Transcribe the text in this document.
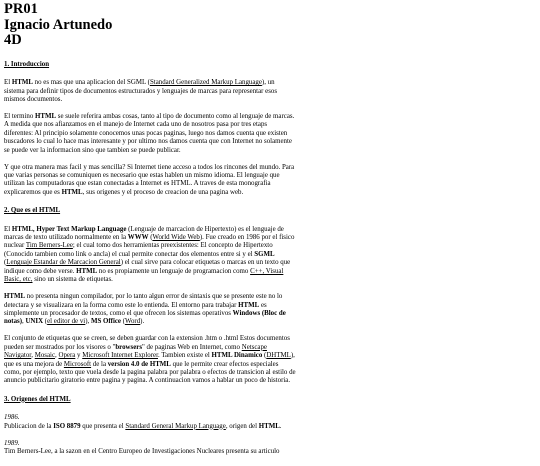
PR01
Ignacio Artunedo
4D
1. Introduccion

El HTML no es mas que una aplicacion del SGML (Standard Generalized Markup Language), un sistema para definir tipos de documentos estructurados y lenguajes de marcas para representar esos mismos documentos.

El termino HTML se suele referira ambas cosas, tanto al tipo de documento como al lenguaje de marcas. A medida que nos afianzamos en el manejo de Internet cada uno de nosotros pasa por tres etaps diferentes: Al principio solamente conocemos unas pocas paginas, luego nos damos cuenta que existen buscadores lo cual lo hace mas interesante y por ultimo nos damos cuenta que con Internet no solamente se puede ver la informacion sino que tambien se puede publicar.

Y que otra manera mas facil y mas sencilla? Si Internet tiene acceso a todos los rincones del mundo. Para que varias personas se comuniquen es necesario que estas hablen un mismo idioma. El lenguaje que utilizan las computadoras que estan conectadas a Internet es HTML. A traves de esta monografia explicaremos que es HTML, sus origenes y el proceso de creacion de una pagina web.

2. Que es el HTML

El HTML, Hyper Text Markup Language (Lenguaje de marcacion de Hipertexto) es el lenguaje de marcas de texto utilizado normalmente en la WWW (World Wide Web). Fue creado en 1986 por el fisico nuclear Tim Berners-Lee; el cual tomo dos herramientas preexistentes: El concepto de Hipertexto (Conocido tambien como link o ancla) el cual permite conectar dos elementos entre si y el SGML (Lenguaje Estandar de Marcacion General) el cual sirve para colocar etiquetas o marcas en un texto que indique como debe verse. HTML no es propiamente un lenguaje de programacion como C++, Visual Basic, etc, sino un sistema de etiquetas.

HTML no presenta ningun compilador, por lo tanto algun error de sintaxis que se presente este no lo detectara y se visualizara en la forma como este lo entienda. El entorno para trabajar HTML es simplemente un procesador de textos, como el que ofrecen los sistemas operativos Windows (Bloc de notas), UNIX (el editor de vi), MS Office (Word).

El conjunto de etiquetas que se creen, se deben guardar con la extension .htm o .html Estos documentos pueden ser mostrados por los visores o "browsers" de paginas Web en Internet, como Netscape Navigator, Mosaic, Opera y Microsoft Internet Explorer. Tambien existe el HTML Dinamico (DHTML), que es una mejora de Microsoft de la version 4.0 de HTML que le permite crear efectos especiales como, por ejemplo, texto que vuela desde la pagina palabra por palabra o efectos de transicion al estilo de anuncio publicitario giratorio entre pagina y pagina. A continuacion vamos a hablar un poco de historia.

3. Origenes del HTML

1986.

Publicacion de la ISO 8879 que presenta el Standard General Markup Language, origen del HTML.

1989.

Tim Berners-Lee, a la sazon en el Centro Europeo de Investigaciones Nucleares presenta su articulo
